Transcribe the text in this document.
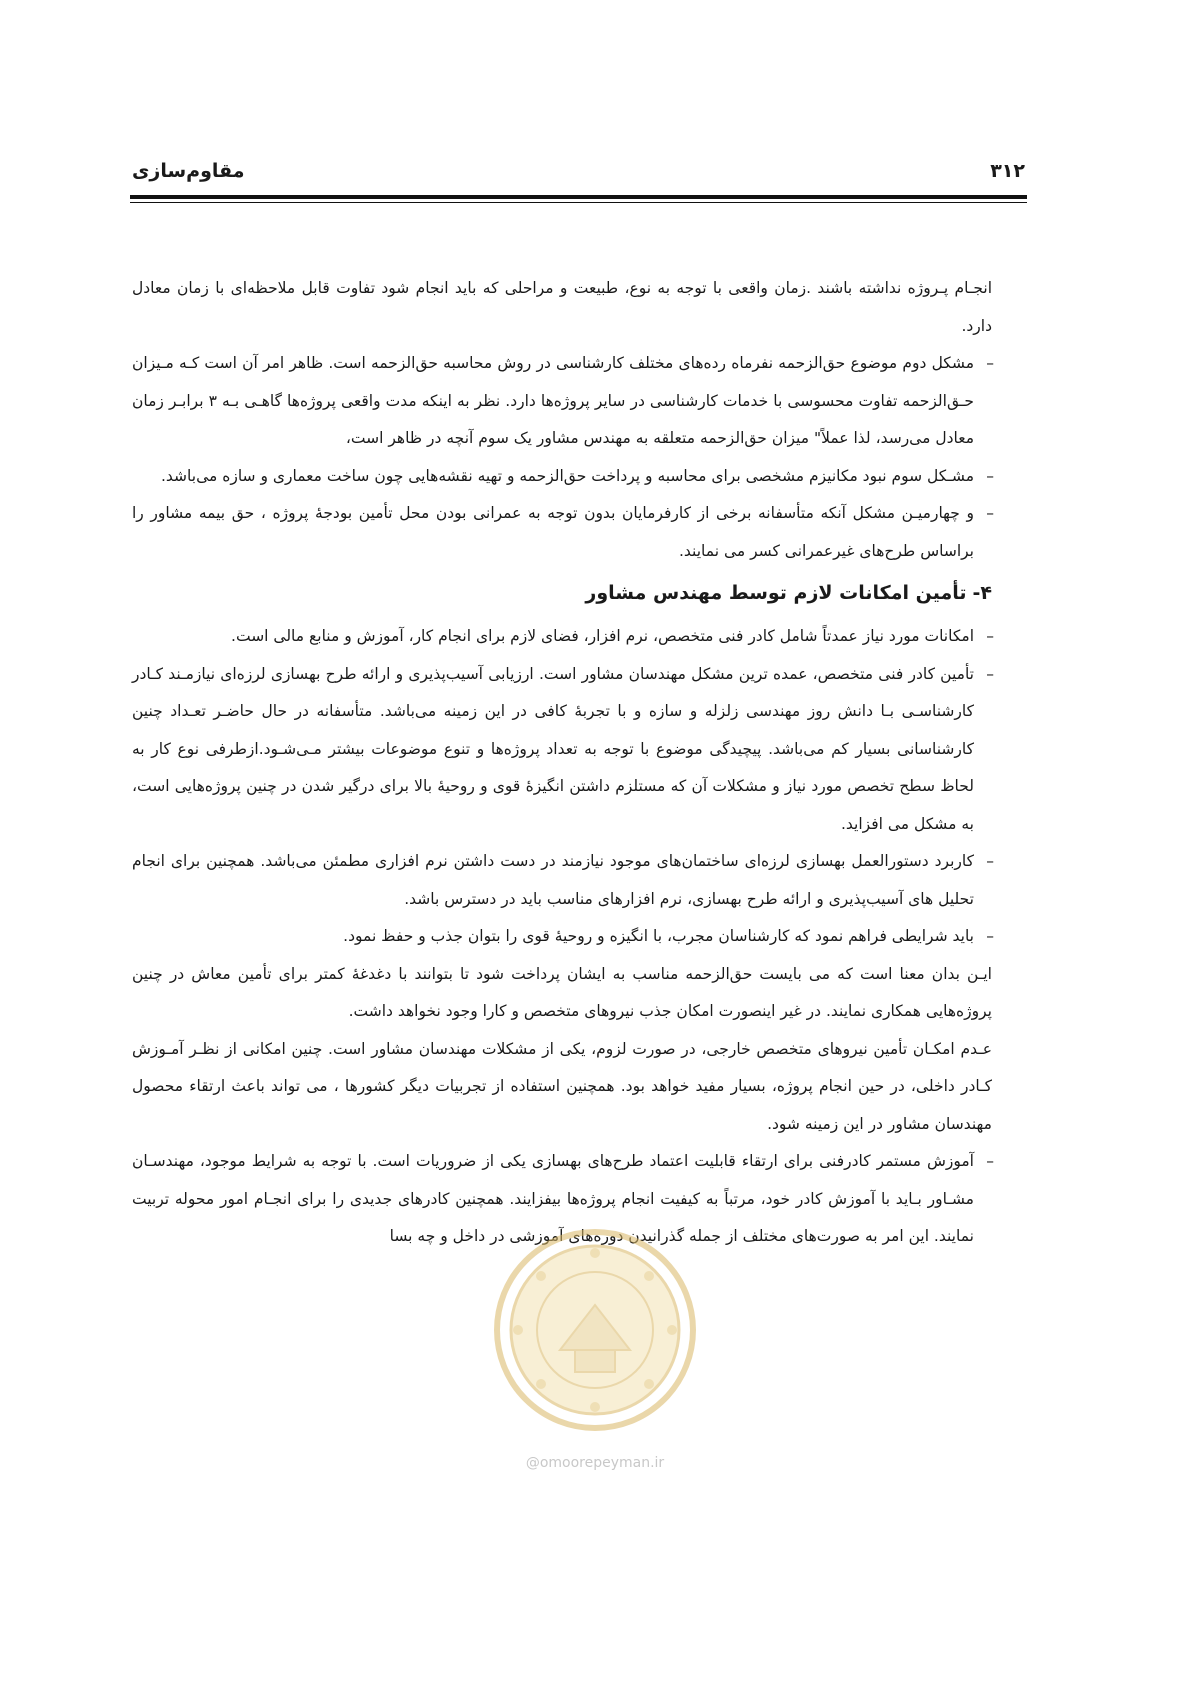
۳۱۲
مقاوم‌سازی

انجـام پـروژه نداشته باشند .زمان واقعی با توجه به نوع، طبیعت و مراحلی که باید انجام شود تفاوت قابل ملاحظه‌ای با زمان معادل دارد.

–
مشکل دوم موضوع حق‌الزحمه نفرماه رده‌های مختلف کارشناسی در روش محاسبه حق‌الزحمه است. ظاهر امر آن است کـه مـیزان حـق‌الزحمه تفاوت محسوسی با خدمات کارشناسی در سایر پروژه‌ها دارد. نظر به اینکه مدت واقعی پروژه‌ها گاهـی بـه ۳ برابـر زمان معادل می‌رسد، لذا عملاً" میزان حق‌الزحمه متعلقه به مهندس مشاور یک سوم آنچه در ظاهر است،

–
مشـکل سوم نبود مکانیزم مشخصی برای محاسبه و پرداخت حق‌الزحمه و تهیه نقشه‌هایی چون ساخت معماری و سازه می‌باشد.

–
و چهارمیـن مشکل آنکه متأسفانه برخی از کارفرمایان بدون توجه به عمرانی بودن محل تأمین بودجۀ پروژه ، حق بیمه مشاور را براساس طرح‌های غیرعمرانی کسر می نمایند.

۴-تأمین امکانات لازم توسط مهندس مشاور

–
امکانات مورد نیاز عمدتاً شامل کادر فنی متخصص، نرم افزار، فضای لازم برای انجام کار، آموزش و منابع مالی است.

–
تأمین کادر فنی متخصص، عمده ترین مشکل مهندسان مشاور است. ارزیابی آسیب‌پذیری و ارائه طرح بهسازی لرزه‌ای نیازمـند کـادر کارشناسـی بـا دانش روز مهندسی زلزله و سازه و با تجربۀ کافی در این زمینه می‌باشد. متأسفانه در حال حاضـر تعـداد چنین کارشناسانی بسیار کم می‌باشد. پیچیدگی موضوع با توجه به تعداد پروژه‌ها و تنوع موضوعات بیشتر مـی‌شـود.ازطرفی نوع کار به لحاظ سطح تخصص مورد نیاز و مشکلات آن که مستلزم داشتن انگیزۀ قوی و روحیۀ بالا برای درگیر شدن در چنین پروژه‌هایی است، به مشکل می افزاید.

–
کاربرد دستورالعمل بهسازی لرزه‌ای ساختمان‌های موجود نیازمند در دست داشتن نرم افزاری مطمئن می‌باشد. همچنین برای انجام تحلیل های آسیب‌پذیری و ارائه طرح بهسازی، نرم افزارهای مناسب باید در دسترس باشد.

–
باید شرایطی فراهم نمود که کارشناسان مجرب، با انگیزه و روحیۀ قوی را بتوان جذب و حفظ نمود.

ایـن بدان معنا است که می بایست حق‌الزحمه مناسب به ایشان پرداخت شود تا بتوانند با دغدغۀ کمتر برای تأمین معاش در چنین پروژه‌هایی همکاری نمایند. در غیر اینصورت امکان جذب نیروهای متخصص و کارا وجود نخواهد داشت.

عـدم امکـان تأمین نیروهای متخصص خارجی، در صورت لزوم، یکی از مشکلات مهندسان مشاور است. چنین امکانی از نظـر آمـوزش کـادر داخلی، در حین انجام پروژه، بسیار مفید خواهد بود. همچنین استفاده از تجربیات دیگر کشورها ، می تواند باعث ارتقاء محصول مهندسان مشاور در این زمینه شود.

–
آموزش مستمر کادرفنی برای ارتقاء قابلیت اعتماد طرح‌های بهسازی یکی از ضروریات است. با توجه به شرایط موجود، مهندسـان مشـاور بـاید با آموزش کادر خود، مرتباً به کیفیت انجام پروژه‌ها بیفزایند. همچنین کادرهای جدیدی را برای انجـام امور محوله تربیت نمایند. این امر به صورت‌های مختلف از جمله گذرانیدن دوره‌های آموزشی در داخل و چه بسا

@omoorepeyman.ir
